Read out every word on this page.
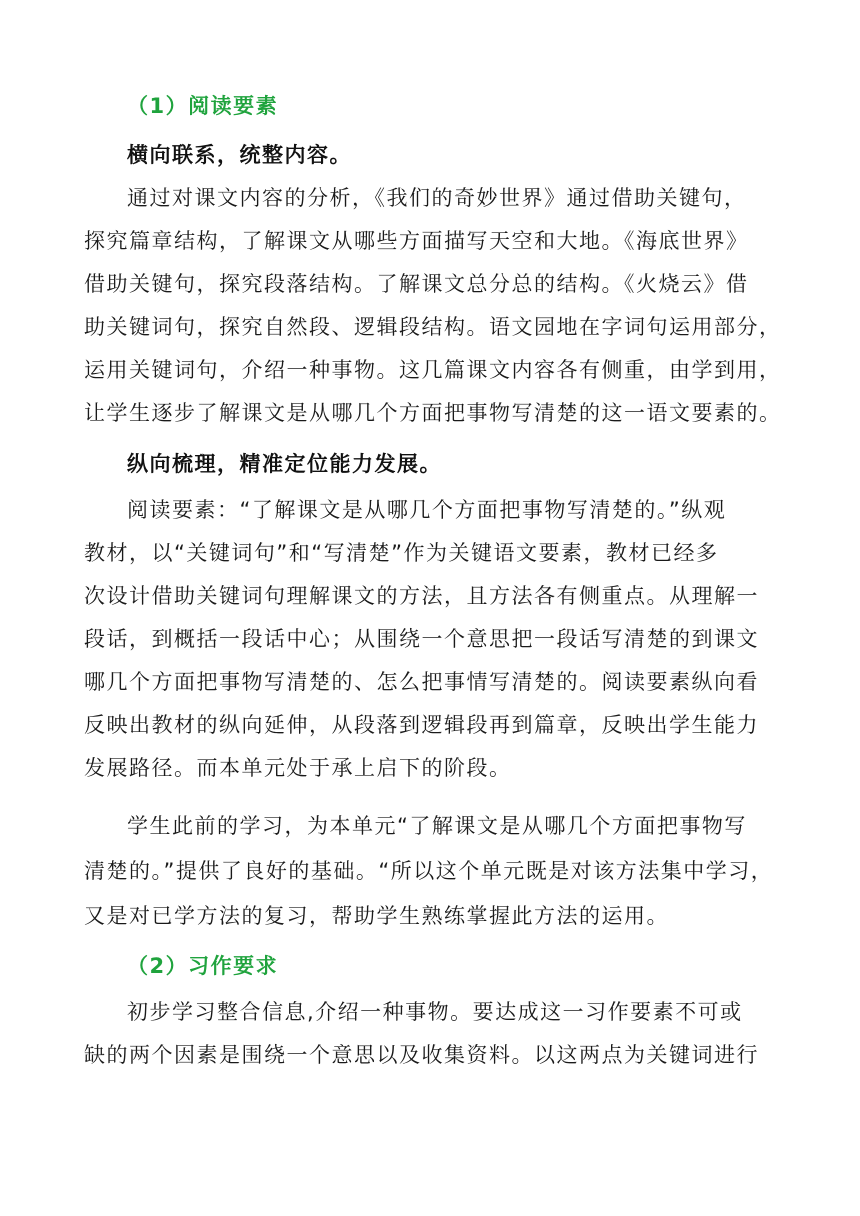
（1）阅读要素
横向联系，统整内容。
通过对课文内容的分析，《我们的奇妙世界》通过借助关键句，
探究篇章结构，了解课文从哪些方面描写天空和大地。《海底世界》
借助关键句，探究段落结构。了解课文总分总的结构。《火烧云》借
助关键词句，探究自然段、逻辑段结构。语文园地在字词句运用部分，
运用关键词句，介绍一种事物。这几篇课文内容各有侧重，由学到用，
让学生逐步了解课文是从哪几个方面把事物写清楚的这一语文要素的。
纵向梳理，精准定位能力发展。
阅读要素：“了解课文是从哪几个方面把事物写清楚的。”纵观
教材，以“关键词句”和“写清楚”作为关键语文要素，教材已经多
次设计借助关键词句理解课文的方法，且方法各有侧重点。从理解一
段话，到概括一段话中心；从围绕一个意思把一段话写清楚的到课文
哪几个方面把事物写清楚的、怎么把事情写清楚的。阅读要素纵向看
反映出教材的纵向延伸，从段落到逻辑段再到篇章，反映出学生能力
发展路径。而本单元处于承上启下的阶段。
学生此前的学习，为本单元“了解课文是从哪几个方面把事物写
清楚的。”提供了良好的基础。“所以这个单元既是对该方法集中学习，
又是对已学方法的复习，帮助学生熟练掌握此方法的运用。
（2）习作要求
初步学习整合信息,介绍一种事物。要达成这一习作要素不可或
缺的两个因素是围绕一个意思以及收集资料。以这两点为关键词进行
